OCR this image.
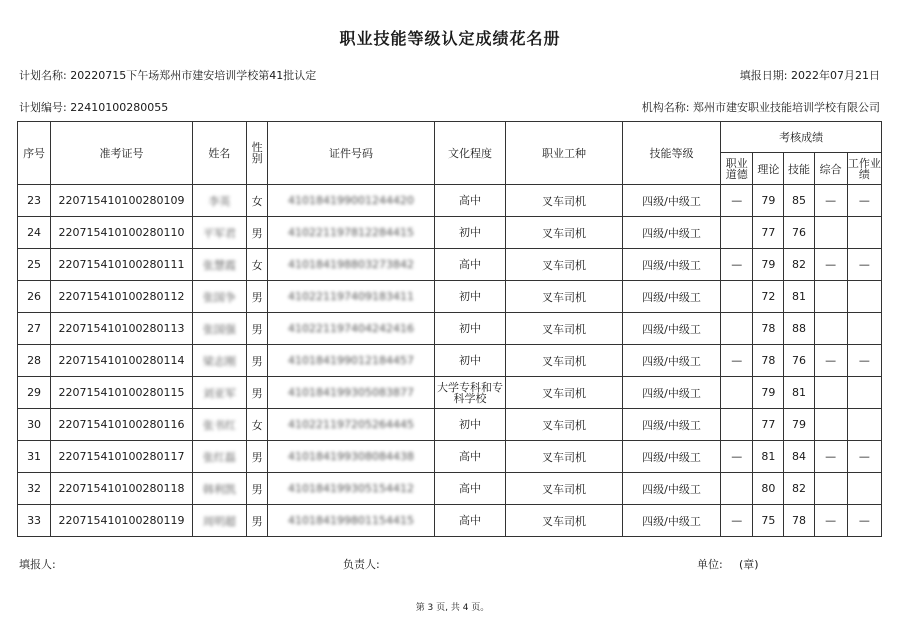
职业技能等级认定成绩花名册
计划名称: 20220715下午场郑州市建安培训学校第41批认定	填报日期: 2022年07月21日
计划编号: 22410100280055	机构名称: 郑州市建安职业技能培训学校有限公司
序号	准考证号	姓名	性别	证件号码	文化程度	职业工种	技能等级	考核成绩				
								职业道德	理论	技能	综合	工作业绩
23	220715410100280109	李英	女	410184199001244420	高中	叉车司机	四级/中级工	—	79	85	—	—
24	220715410100280110	平军君	男	410221197812284415	初中	叉车司机	四级/中级工		77	76		
25	220715410100280111	张慧霞	女	410184198803273842	高中	叉车司机	四级/中级工	—	79	82	—	—
26	220715410100280112	张国争	男	410221197409183411	初中	叉车司机	四级/中级工		72	81		
27	220715410100280113	张国强	男	410221197404242416	初中	叉车司机	四级/中级工		78	88		
28	220715410100280114	梁志刚	男	410184199012184457	初中	叉车司机	四级/中级工	—	78	76	—	—
29	220715410100280115	刘亚军	男	410184199305083877	大学专科和专科学校	叉车司机	四级/中级工		79	81		
30	220715410100280116	张书红	女	410221197205264445	初中	叉车司机	四级/中级工		77	79		
31	220715410100280117	张红磊	男	410184199308084438	高中	叉车司机	四级/中级工	—	81	84	—	—
32	220715410100280118	韩利凯	男	410184199305154412	高中	叉车司机	四级/中级工		80	82		
33	220715410100280119	周明超	男	410184199801154415	高中	叉车司机	四级/中级工	—	75	78	—	—
填报人:	负责人:	单位: (章)
第 3 页, 共 4 页。
